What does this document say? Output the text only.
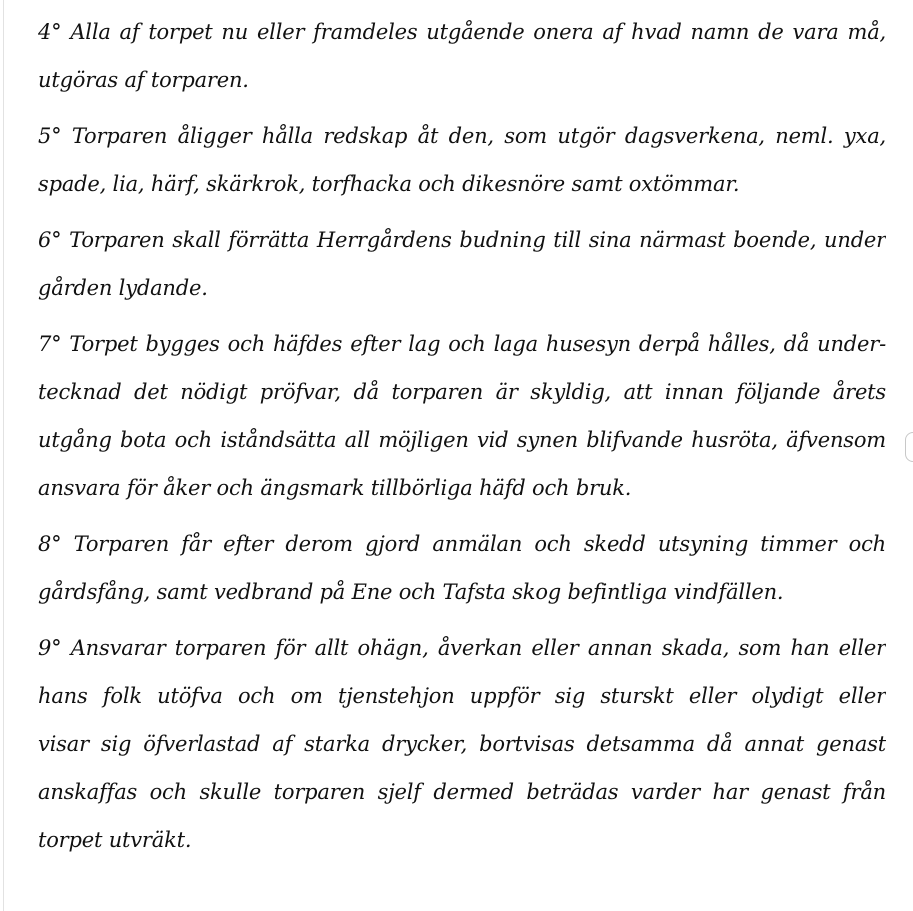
4° Alla af torpet nu eller framdeles utgående onera af hvad namn de vara må,
utgöras af torparen.
5° Torparen åligger hålla redskap åt den, som utgör dagsverkena, neml. yxa,
spade, lia, härf, skärkrok, torfhacka och dikesnöre samt oxtömmar.
6° Torparen skall förrätta Herrgårdens budning till sina närmast boende, under
gården lydande.
7° Torpet bygges och häfdes efter lag och laga husesyn derpå hålles, då under-
tecknad det nödigt pröfvar, då torparen är skyldig, att innan följande årets
utgång bota och iståndsätta all möjligen vid synen blifvande husröta, äfvensom
ansvara för åker och ängsmark tillbörliga häfd och bruk.
8° Torparen får efter derom gjord anmälan och skedd utsyning timmer och
gårdsfång, samt vedbrand på Ene och Tafsta skog befintliga vindfällen.
9° Ansvarar torparen för allt ohägn, åverkan eller annan skada, som han eller
hans folk utöfva och om tjenstehjon uppför sig sturskt eller olydigt eller
visar sig öfverlastad af starka drycker, bortvisas detsamma då annat genast
anskaffas och skulle torparen sjelf dermed beträdas varder har genast från
torpet utvräkt.
